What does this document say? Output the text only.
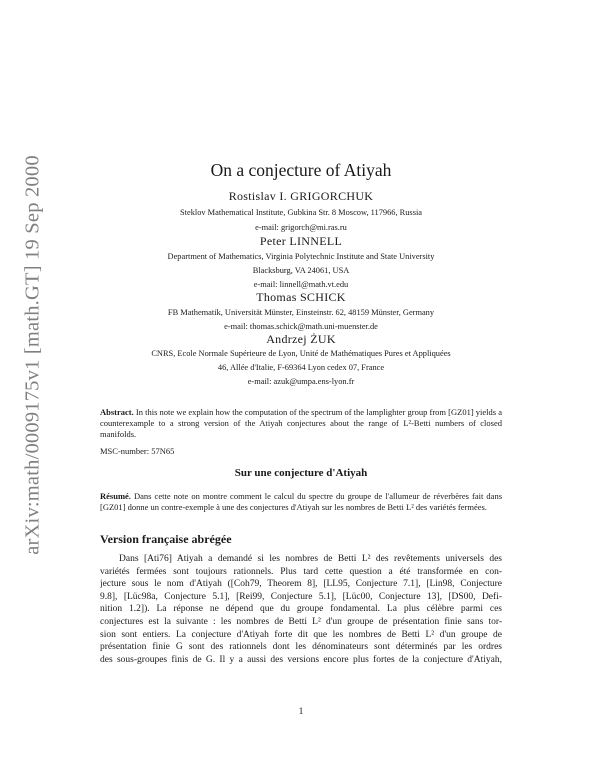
arXiv:math/0009175v1 [math.GT] 19 Sep 2000	On a conjecture of Atiyah
Rostislav I. GRIGORCHUK
Steklov Mathematical Institute, Gubkina Str. 8 Moscow, 117966, Russia
e-mail: grigorch@mi.ras.ru
Peter LINNELL
Department of Mathematics, Virginia Polytechnic Institute and State University
Blacksburg, VA 24061, USA
e-mail: linnell@math.vt.edu
Thomas SCHICK
FB Mathematik, Universität Münster, Einsteinstr. 62, 48159 Münster, Germany
e-mail: thomas.schick@math.uni-muenster.de
Andrzej ŻUK
CNRS, Ecole Normale Supérieure de Lyon, Unité de Mathématiques Pures et Appliquées
46, Allée d'Italie, F-69364 Lyon cedex 07, France
e-mail: azuk@umpa.ens-lyon.fr
Abstract. In this note we explain how the computation of the spectrum of the lamplighter group from [GZ01] yields a counterexample to a strong version of the Atiyah conjectures about the range of L²-Betti numbers of closed manifolds.
MSC-number: 57N65
Sur une conjecture d'Atiyah
Résumé. Dans cette note on montre comment le calcul du spectre du groupe de l'allumeur de réverbères fait dans [GZ01] donne un contre-exemple à une des conjectures d'Atiyah sur les nombres de Betti L² des variétés fermées.
Version française abrégée
Dans [Ati76] Atiyah a demandé si les nombres de Betti L² des revêtements universels des
variétés fermées sont toujours rationnels. Plus tard cette question a été transformée en con-
jecture sous le nom d'Atiyah ([Coh79, Theorem 8], [LL95, Conjecture 7.1], [Lin98, Conjecture
9.8], [Lüc98a, Conjecture 5.1], [Rei99, Conjecture 5.1], [Lüc00, Conjecture 13], [DS00, Defi-
nition 1.2]). La réponse ne dépend que du groupe fondamental. La plus célèbre parmi ces
conjectures est la suivante : les nombres de Betti L² d'un groupe de présentation finie sans tor-
sion sont entiers. La conjecture d'Atiyah forte dit que les nombres de Betti L² d'un groupe de
présentation finie G sont des rationnels dont les dénominateurs sont déterminés par les ordres
des sous-groupes finis de G. Il y a aussi des versions encore plus fortes de la conjecture d'Atiyah,
1
